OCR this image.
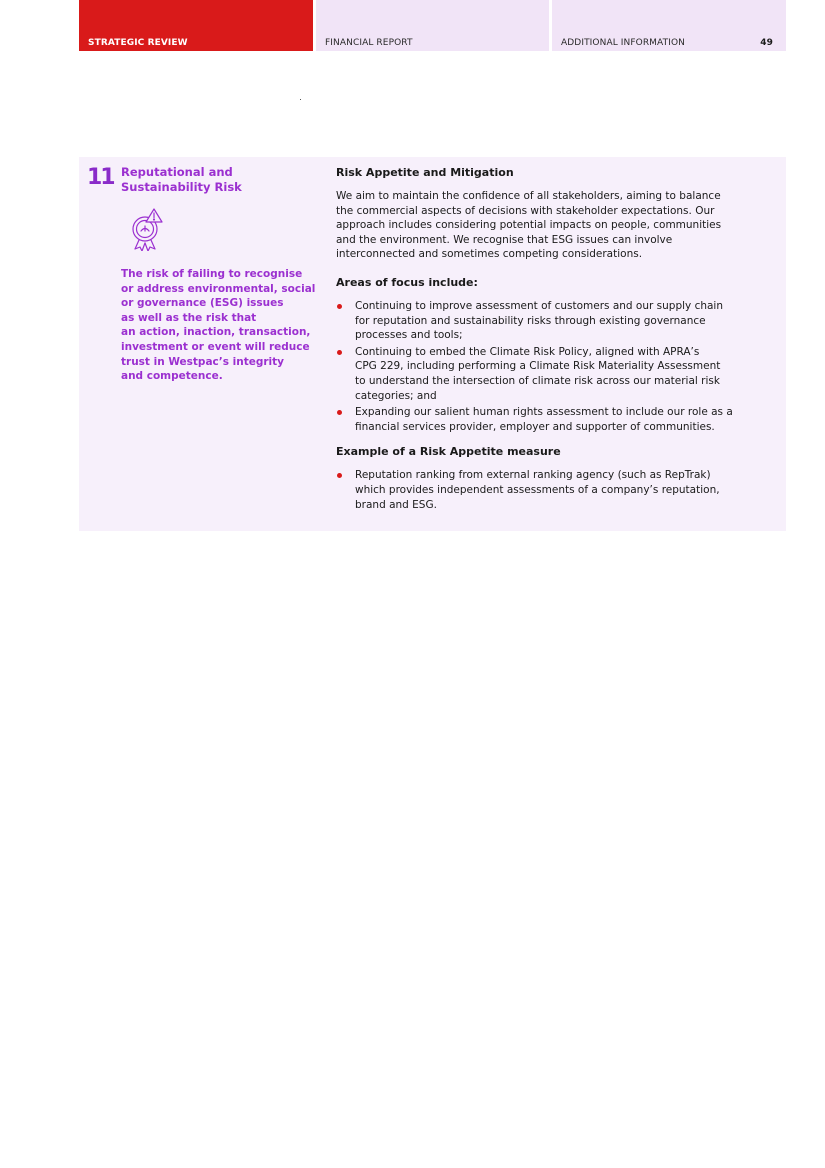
STRATEGIC REVIEW	FINANCIAL REPORT	ADDITIONAL INFORMATION	49
11 Reputational and Sustainability Risk
The risk of failing to recognise
or address environmental, social
or governance (ESG) issues
as well as the risk that
an action, inaction, transaction,
investment or event will reduce
trust in Westpac’s integrity
and competence.
Risk Appetite and Mitigation
We aim to maintain the confidence of all stakeholders, aiming to balance
the commercial aspects of decisions with stakeholder expectations. Our
approach includes considering potential impacts on people, communities
and the environment. We recognise that ESG issues can involve
interconnected and sometimes competing considerations.
Areas of focus include:
Continuing to improve assessment of customers and our supply chain
for reputation and sustainability risks through existing governance
processes and tools;
Continuing to embed the Climate Risk Policy, aligned with APRA’s
CPG 229, including performing a Climate Risk Materiality Assessment
to understand the intersection of climate risk across our material risk
categories; and
Expanding our salient human rights assessment to include our role as a
financial services provider, employer and supporter of communities.
Example of a Risk Appetite measure
Reputation ranking from external ranking agency (such as RepTrak)
which provides independent assessments of a company’s reputation,
brand and ESG.
